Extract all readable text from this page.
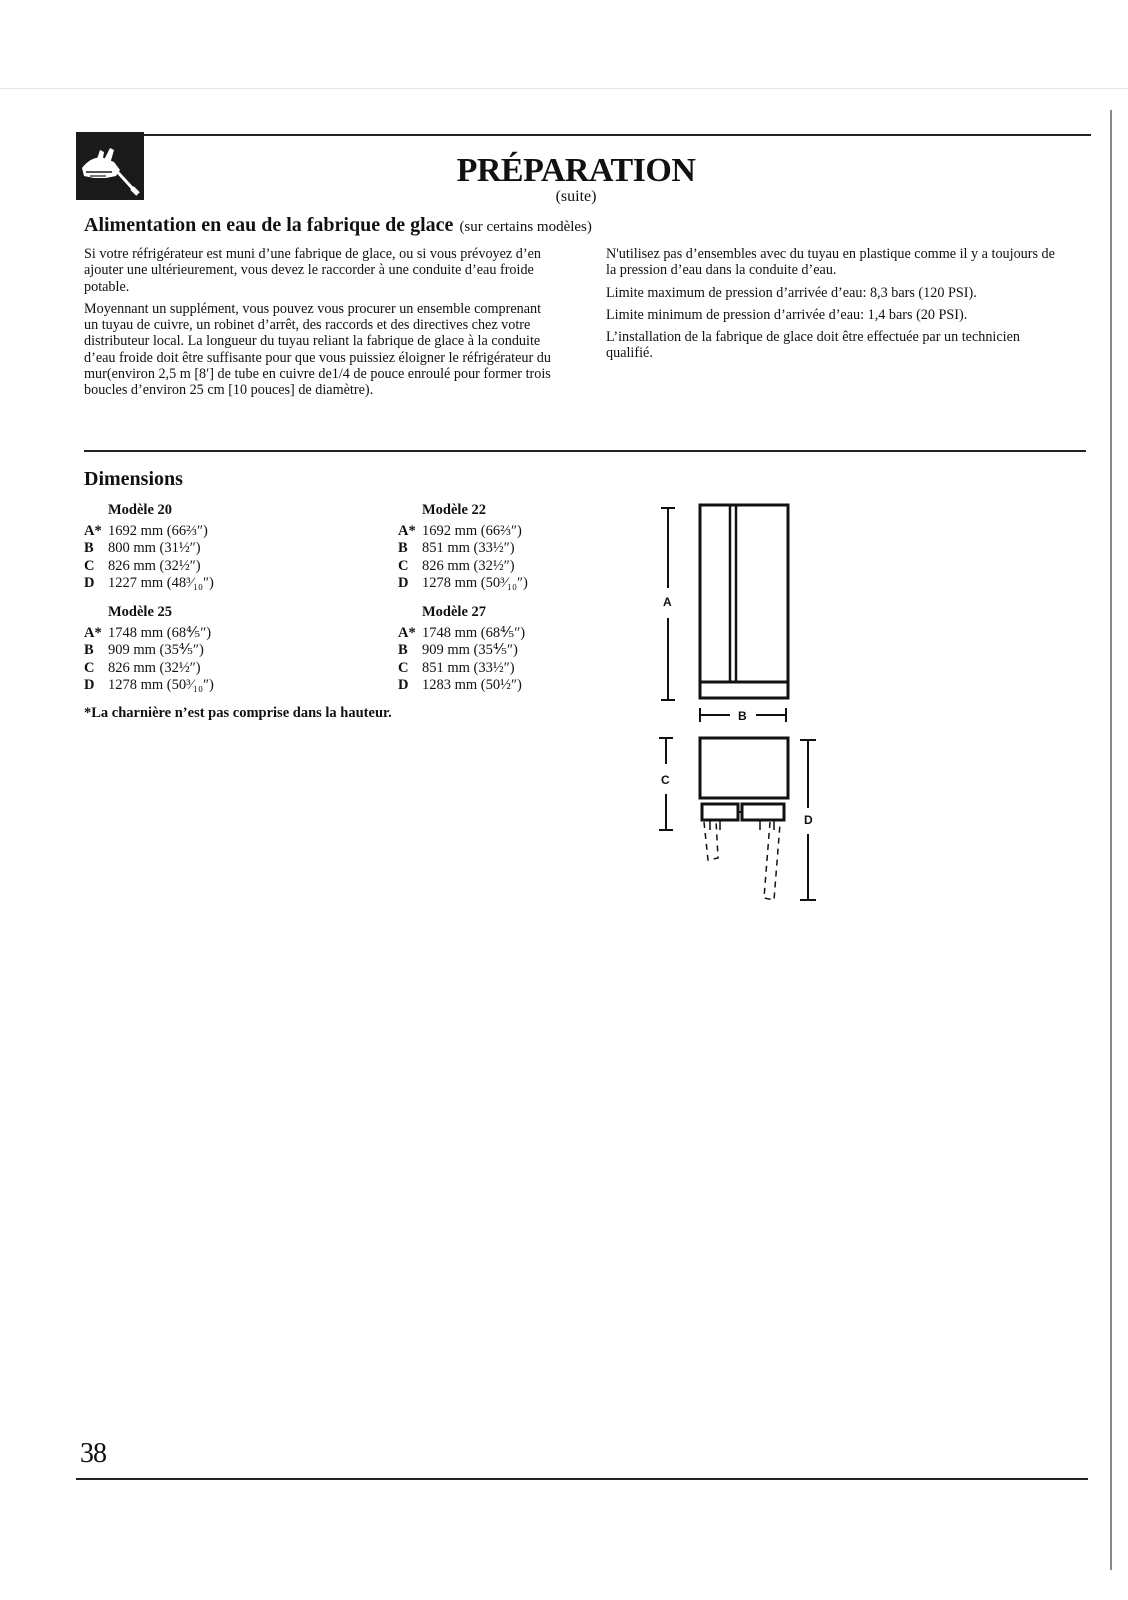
PRÉPARATION
(suite)
Alimentation en eau de la fabrique de glace (sur certains modèles)

Si votre réfrigérateur est muni d’une fabrique de glace, ou si vous prévoyez d’en ajouter une ultérieurement, vous devez le raccorder à une conduite d’eau froide potable.

Moyennant un supplément, vous pouvez vous procurer un ensemble comprenant un tuyau de cuivre, un robinet d’arrêt, des raccords et des directives chez votre distributeur local. La longueur du tuyau reliant la fabrique de glace à la conduite d’eau froide doit être suffisante pour que vous puissiez éloigner le réfrigérateur du mur(environ 2,5 m [8′] de tube en cuivre de1/4 de pouce enroulé pour former trois boucles d’environ 25 cm [10 pouces] de diamètre).

N'utilisez pas d’ensembles avec du tuyau en plastique comme il y a toujours de la pression d’eau dans la conduite d’eau.

Limite maximum de pression d’arrivée d’eau: 8,3 bars (120 PSI).

Limite minimum de pression d’arrivée d’eau: 1,4 bars (20 PSI).

L’installation de la fabrique de glace doit être effectuée par un technicien qualifié.

Dimensions
Modèle 20
A* 1692 mm (66⅔″)
B 800 mm (31½″)
C 826 mm (32½″)
D 1227 mm (48³⁄₁₀″)
Modèle 22
A* 1692 mm (66⅔″)
B 851 mm (33½″)
C 826 mm (32½″)
D 1278 mm (50³⁄₁₀″)
Modèle 25
A* 1748 mm (68⅘″)
B 909 mm (35⅘″)
C 826 mm (32½″)
D 1278 mm (50³⁄₁₀″)
Modèle 27
A* 1748 mm (68⅘″)
B 909 mm (35⅘″)
C 851 mm (33½″)
D 1283 mm (50½″)
*La charnière n’est pas comprise dans la hauteur.
A
B
C
D
38
